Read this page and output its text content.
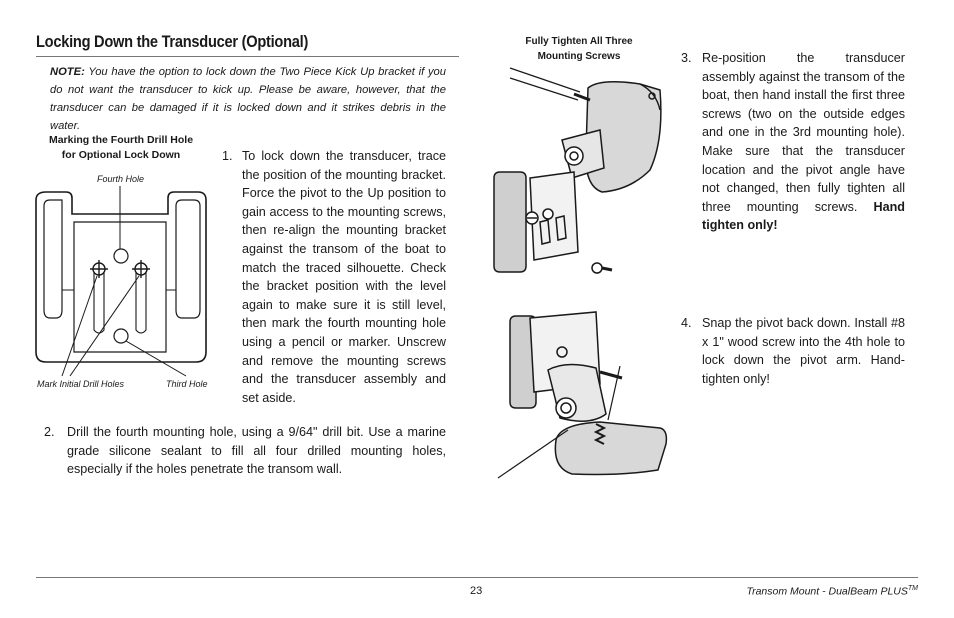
Locking Down the Transducer (Optional)
NOTE: You have the option to lock down the Two Piece Kick Up bracket if you do not want the transducer to kick up. Please be aware, however, that the transducer can be damaged if it is locked down and it strikes debris in the water.
Marking the Fourth Drill Hole
for Optional Lock Down
Fourth Hole
Mark Initial Drill Holes	Third Hole
1. To lock down the transducer, trace the position of the mounting bracket. Force the pivot to the Up position to gain access to the mounting screws, then re-align the mounting bracket against the transom of the boat to match the traced silhouette. Check the bracket position with the level again to make sure it is still level, then mark the fourth mounting hole using a pencil or marker. Unscrew and remove the mounting screws and the transducer assembly and set aside.
2. Drill the fourth mounting hole, using a 9/64" drill bit. Use a marine grade silicone sealant to fill all four drilled mounting holes, especially if the holes penetrate the transom wall.
Fully Tighten All Three
Mounting Screws	3. Re-position the transducer assembly against the transom of the boat, then hand install the first three screws (two on the outside edges and one in the 3rd mounting hole). Make sure that the transducer location and the pivot angle have not changed, then fully tighten all three mounting screws. Hand tighten only!
4. Snap the pivot back down. Install #8 x 1" wood screw into the 4th hole to lock down the pivot arm. Hand-tighten only!
23	Transom Mount - DualBeam PLUS™
